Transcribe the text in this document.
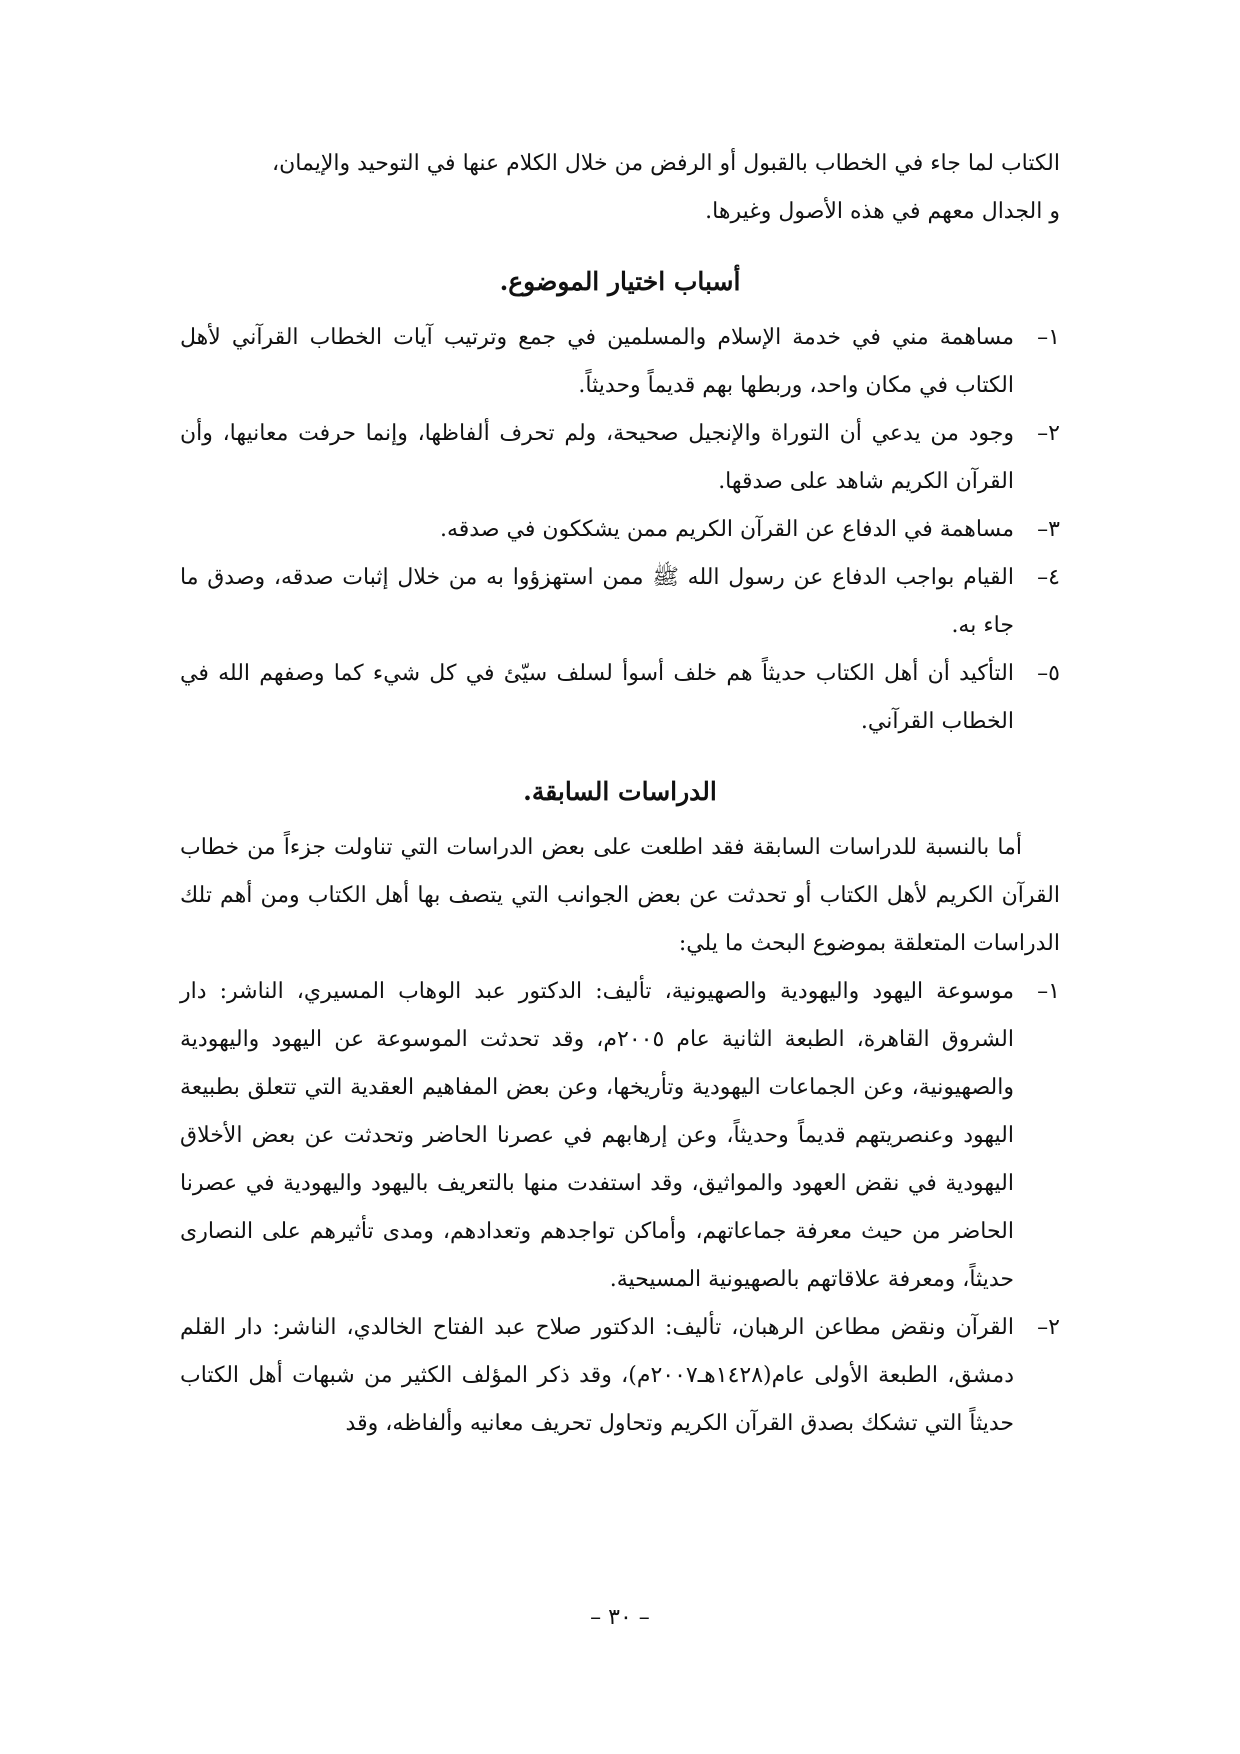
الكتاب لما جاء في الخطاب بالقبول أو الرفض من خلال الكلام عنها في التوحيد والإيمان،

و الجدال معهم في هذه الأصول وغيرها.

أسباب اختيار الموضوع.
١–
مساهمة مني في خدمة الإسلام والمسلمين في جمع وترتيب آيات الخطاب القرآني لأهل الكتاب في مكان واحد، وربطها بهم قديماً وحديثاً.
٢–
وجود من يدعي أن التوراة والإنجيل صحيحة، ولم تحرف ألفاظها، وإنما حرفت معانيها، وأن القرآن الكريم شاهد على صدقها.
٣–
مساهمة في الدفاع عن القرآن الكريم ممن يشككون في صدقه.
٤–
القيام بواجب الدفاع عن رسول الله ﷺ ممن استهزؤوا به من خلال إثبات صدقه، وصدق ما جاء به.
٥–
التأكيد أن أهل الكتاب حديثاً هم خلف أسوأ لسلف سيّئ في كل شيء كما وصفهم الله في الخطاب القرآني.
الدراسات السابقة.

أما بالنسبة للدراسات السابقة فقد اطلعت على بعض الدراسات التي تناولت جزءاً من خطاب القرآن الكريم لأهل الكتاب أو تحدثت عن بعض الجوانب التي يتصف بها أهل الكتاب ومن أهم تلك الدراسات المتعلقة بموضوع البحث ما يلي:

١–
موسوعة اليهود واليهودية والصهيونية، تأليف: الدكتور عبد الوهاب المسيري، الناشر: دار الشروق القاهرة، الطبعة الثانية عام ٢٠٠٥م، وقد تحدثت الموسوعة عن اليهود واليهودية والصهيونية، وعن الجماعات اليهودية وتأريخها، وعن بعض المفاهيم العقدية التي تتعلق بطبيعة اليهود وعنصريتهم قديماً وحديثاً، وعن إرهابهم في عصرنا الحاضر وتحدثت عن بعض الأخلاق اليهودية في نقض العهود والمواثيق، وقد استفدت منها بالتعريف باليهود واليهودية في عصرنا الحاضر من حيث معرفة جماعاتهم، وأماكن تواجدهم وتعدادهم، ومدى تأثيرهم على النصارى حديثاً، ومعرفة علاقاتهم بالصهيونية المسيحية.
٢–
القرآن ونقض مطاعن الرهبان، تأليف: الدكتور صلاح عبد الفتاح الخالدي، الناشر: دار القلم دمشق، الطبعة الأولى عام(١٤٢٨هـ٢٠٠٧م)، وقد ذكر المؤلف الكثير من شبهات أهل الكتاب حديثاً التي تشكك بصدق القرآن الكريم وتحاول تحريف معانيه وألفاظه، وقد
– ٣٠ –
